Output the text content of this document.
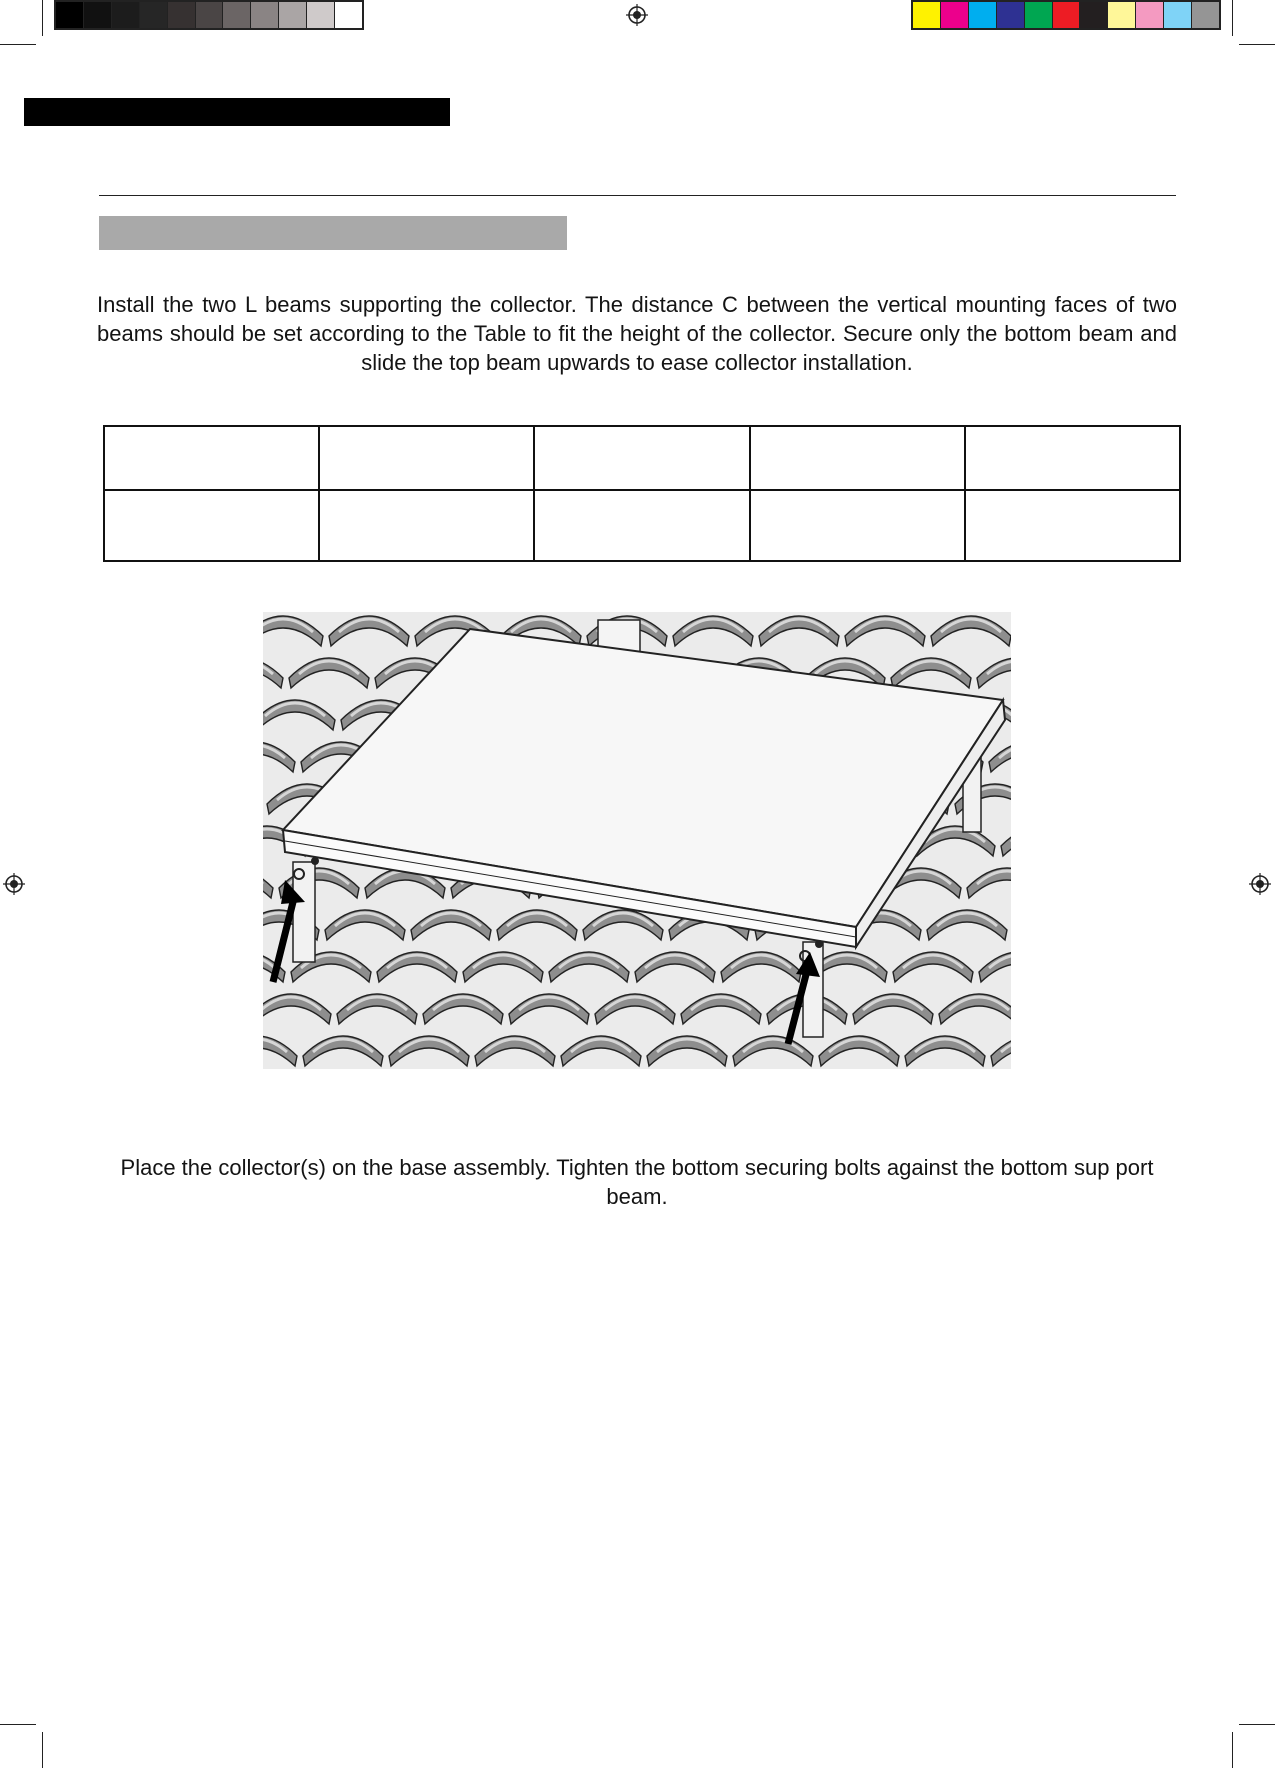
Install the two L beams supporting the collector. The distance C between the vertical mounting faces of two beams should be set according to the Table to fit the height of the collector. Secure only the bottom beam and slide the top beam upwards to ease collector installation.

Place the collector(s) on the base assembly. Tighten the bottom securing bolts against the bottom sup port beam.
